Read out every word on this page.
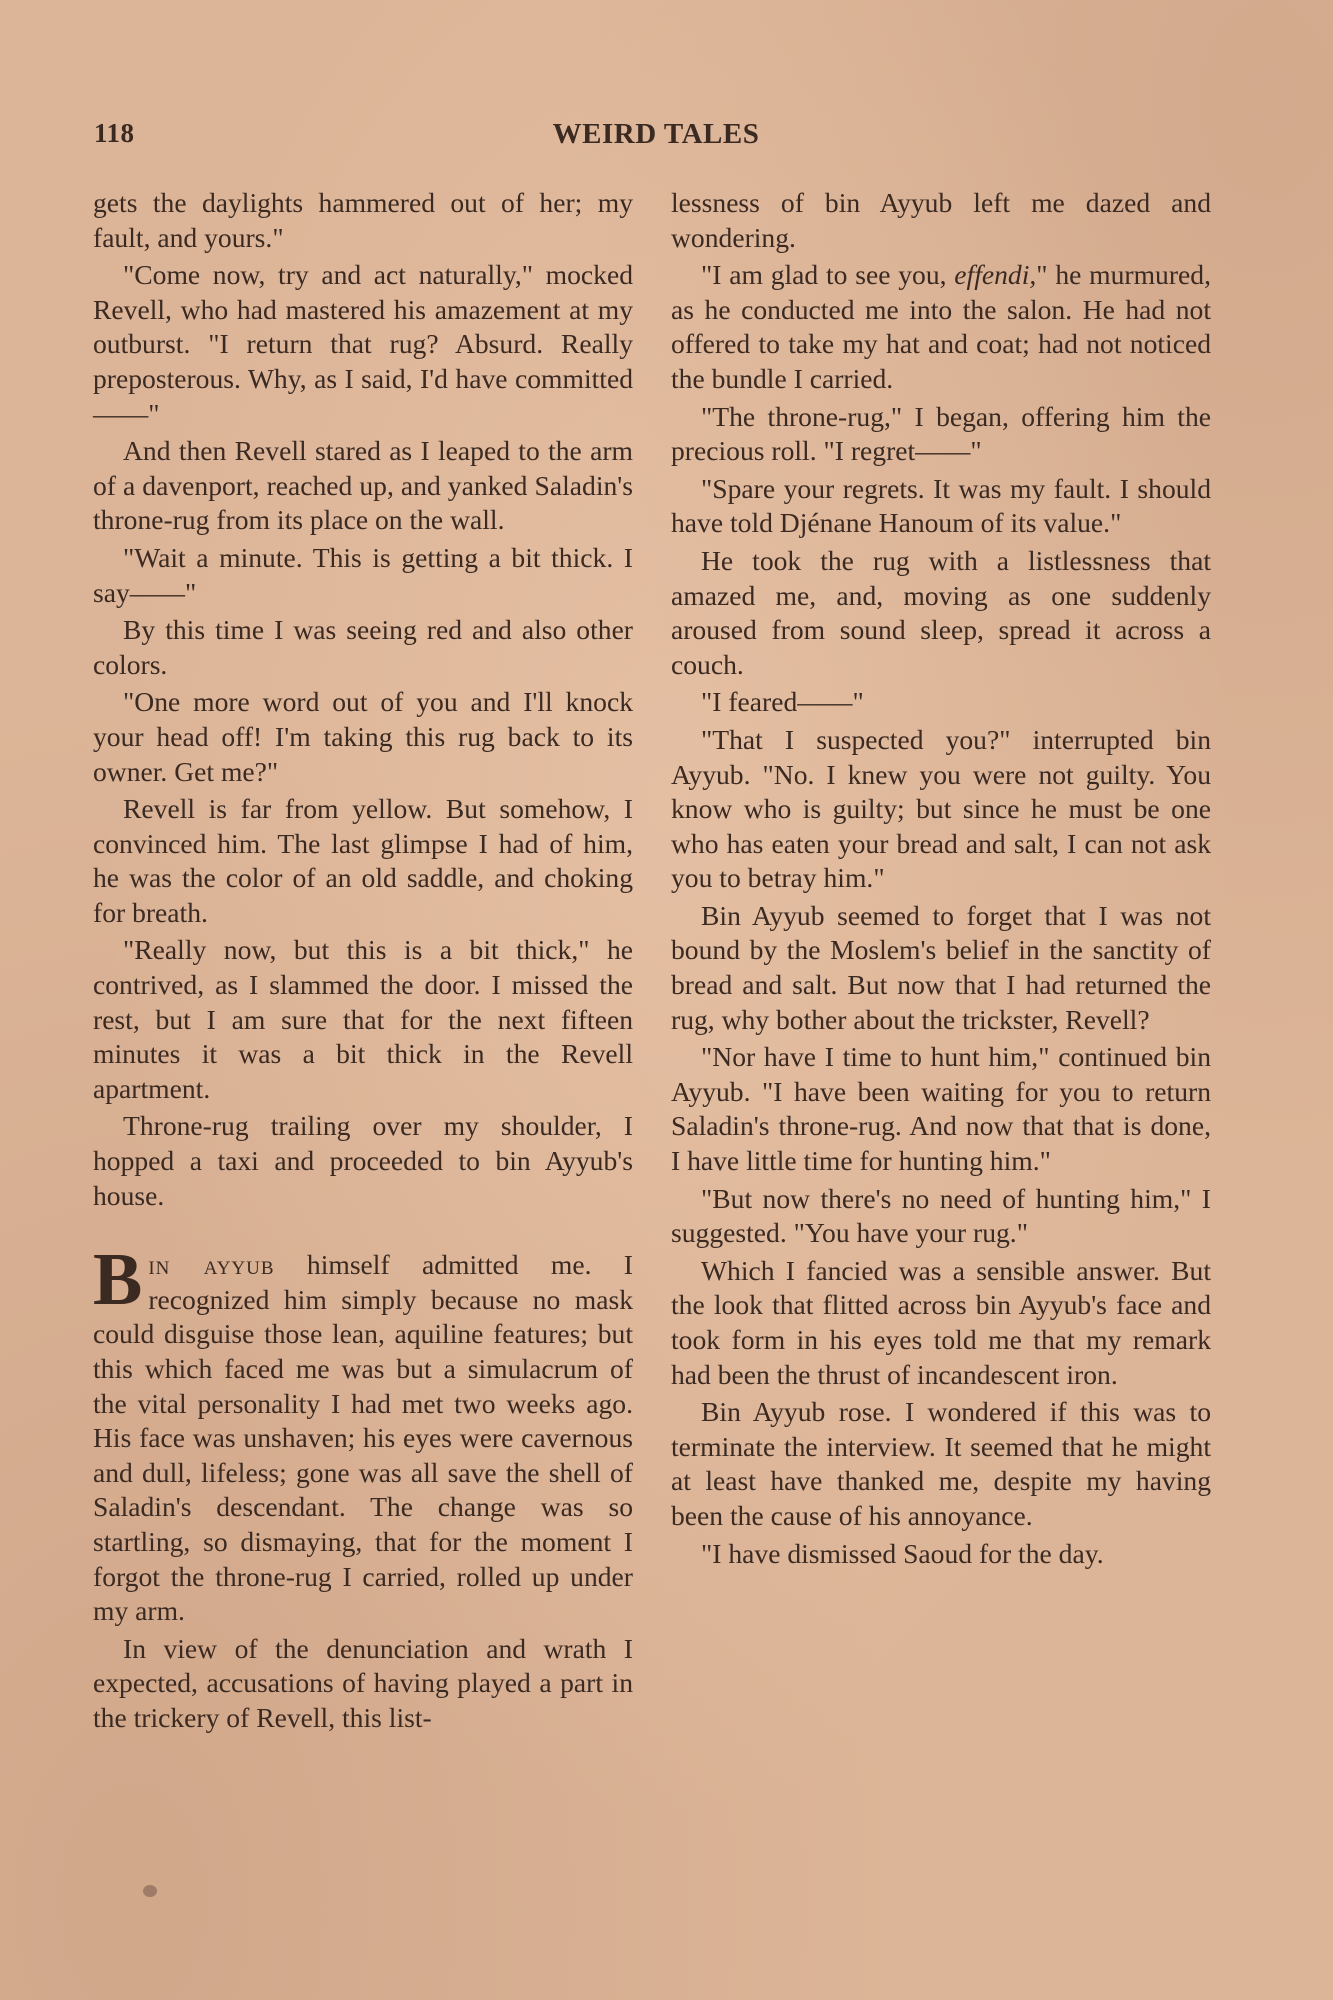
118	WEIRD TALES

gets the daylights hammered out of her; my fault, and yours."

"Come now, try and act naturally," mocked Revell, who had mastered his amazement at my outburst. "I return that rug? Absurd. Really preposterous. Why, as I said, I'd have committed——"

And then Revell stared as I leaped to the arm of a davenport, reached up, and yanked Saladin's throne-rug from its place on the wall.

"Wait a minute. This is getting a bit thick. I say——"

By this time I was seeing red and also other colors.

"One more word out of you and I'll knock your head off! I'm taking this rug back to its owner. Get me?"

Revell is far from yellow. But somehow, I convinced him. The last glimpse I had of him, he was the color of an old saddle, and choking for breath.

"Really now, but this is a bit thick," he contrived, as I slammed the door. I missed the rest, but I am sure that for the next fifteen minutes it was a bit thick in the Revell apartment.

Throne-rug trailing over my shoulder, I hopped a taxi and proceeded to bin Ayyub's house.

Bin ayyub himself admitted me. I recognized him simply because no mask could disguise those lean, aquiline features; but this which faced me was but a simulacrum of the vital personality I had met two weeks ago. His face was unshaven; his eyes were cavernous and dull, lifeless; gone was all save the shell of Saladin's descendant. The change was so startling, so dismaying, that for the moment I forgot the throne-rug I carried, rolled up under my arm.

In view of the denunciation and wrath I expected, accusations of having played a part in the trickery of Revell, this list-

lessness of bin Ayyub left me dazed and wondering.

"I am glad to see you, effendi," he murmured, as he conducted me into the salon. He had not offered to take my hat and coat; had not noticed the bundle I carried.

"The throne-rug," I began, offering him the precious roll. "I regret——"

"Spare your regrets. It was my fault. I should have told Djénane Hanoum of its value."

He took the rug with a listlessness that amazed me, and, moving as one suddenly aroused from sound sleep, spread it across a couch.

"I feared——"

"That I suspected you?" interrupted bin Ayyub. "No. I knew you were not guilty. You know who is guilty; but since he must be one who has eaten your bread and salt, I can not ask you to betray him."

Bin Ayyub seemed to forget that I was not bound by the Moslem's belief in the sanctity of bread and salt. But now that I had returned the rug, why bother about the trickster, Revell?

"Nor have I time to hunt him," continued bin Ayyub. "I have been waiting for you to return Saladin's throne-rug. And now that that is done, I have little time for hunting him."

"But now there's no need of hunting him," I suggested. "You have your rug."

Which I fancied was a sensible answer. But the look that flitted across bin Ayyub's face and took form in his eyes told me that my remark had been the thrust of incandescent iron.

Bin Ayyub rose. I wondered if this was to terminate the interview. It seemed that he might at least have thanked me, despite my having been the cause of his annoyance.

"I have dismissed Saoud for the day.
